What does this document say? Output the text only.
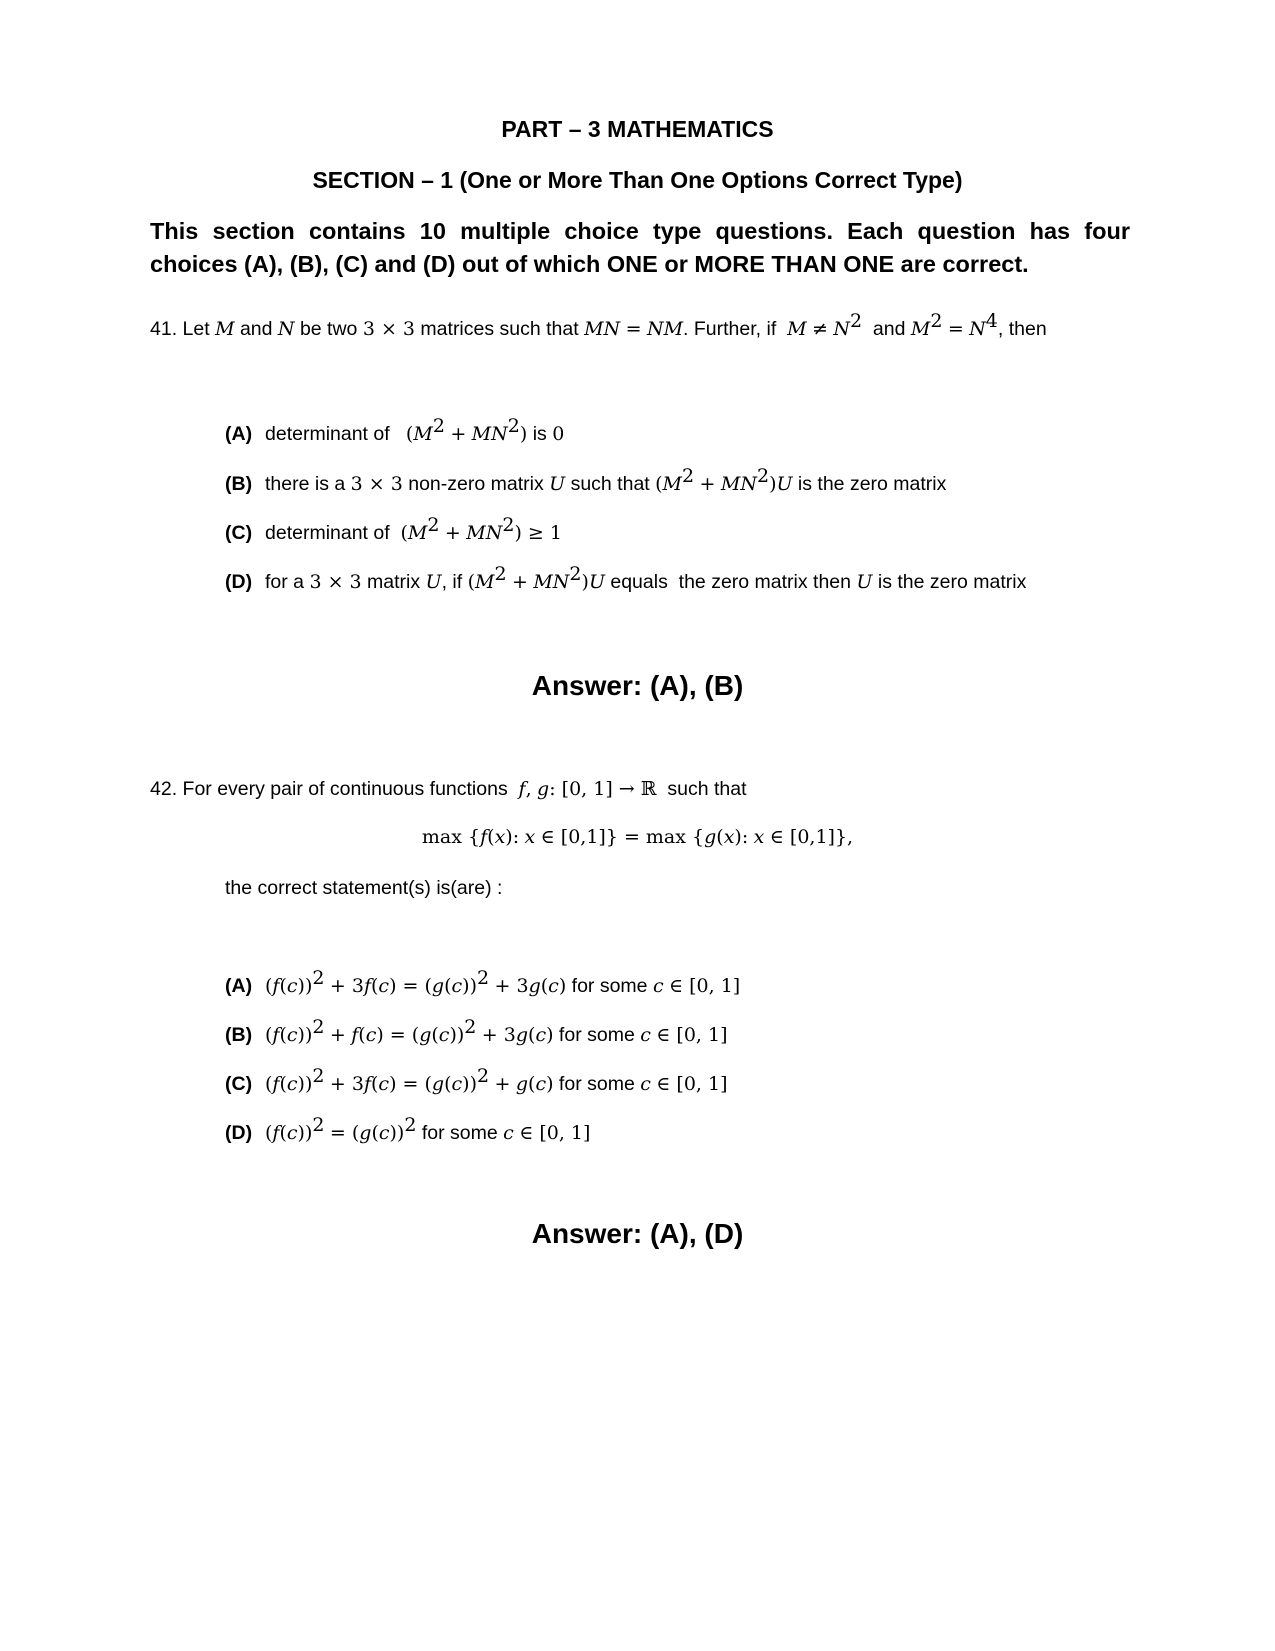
PART – 3 MATHEMATICS
SECTION – 1 (One or More Than One Options Correct Type)
This section contains 10 multiple choice type questions. Each question has four choices (A), (B), (C) and (D) out of which ONE or MORE THAN ONE are correct.
41. Let M and N be two 3 × 3 matrices such that MN = NM. Further, if  $M \ne N^2$  and $M^2 = N^4$, then
(A) determinant of   $(M^2 + MN^2)$ is 0
(B) there is a 3 × 3 non-zero matrix U such that $(M^2 + MN^2)U$ is the zero matrix
(C) determinant of  $(M^2 + MN^2) \ge 1$
(D) for a 3 × 3 matrix U, if $(M^2 + MN^2)U$ equals  the zero matrix then U is the zero matrix
Answer: (A), (B)
42. For every pair of continuous functions  f, g: [0, 1] → ℝ  such that
max {f(x): x ∈ [0,1]} = max {g(x): x ∈ [0,1]},
the correct statement(s) is(are) :
(A) $(f(c))^2 + 3f(c) = (g(c))^2 + 3g(c)$ for some c ∈ [0, 1]
(B) $(f(c))^2 + f(c) = (g(c))^2 + 3g(c)$ for some c ∈ [0, 1]
(C) $(f(c))^2 + 3f(c) = (g(c))^2 + g(c)$ for some c ∈ [0, 1]
(D) $(f(c))^2 = (g(c))^2$ for some c ∈ [0, 1]
Answer: (A), (D)
